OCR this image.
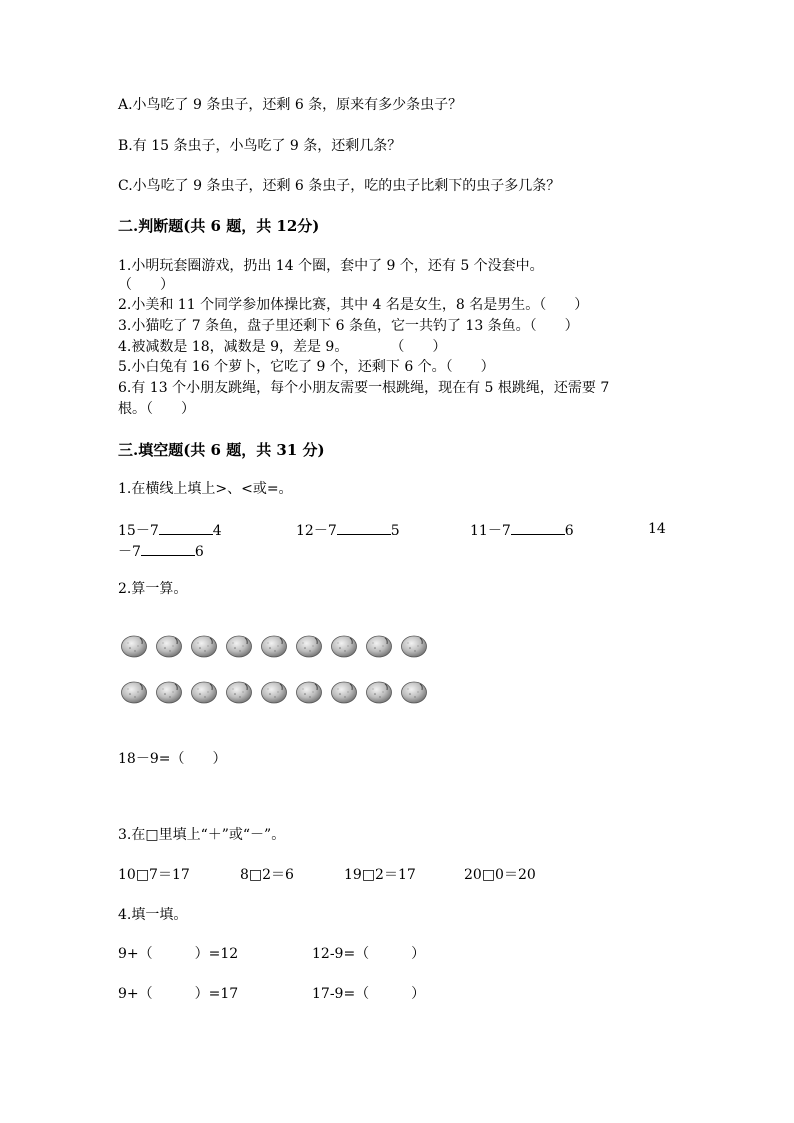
A.小鸟吃了 9 条虫子，还剩 6 条，原来有多少条虫子？
B.有 15 条虫子，小鸟吃了 9 条，还剩几条？
C.小鸟吃了 9 条虫子，还剩 6 条虫子，吃的虫子比剩下的虫子多几条？
二.判断题(共 6 题，共 12分)
1.小明玩套圈游戏，扔出 14 个圈，套中了 9 个，还有 5 个没套中。
（　　）
2.小美和 11 个同学参加体操比赛，其中 4 名是女生，8 名是男生。（　　）
3.小猫吃了 7 条鱼，盘子里还剩下 6 条鱼，它一共钓了 13 条鱼。（　　）
4.被减数是 18，减数是 9，差是 9。　　　　（　　）
5.小白兔有 16 个萝卜，它吃了 9 个，还剩下 6 个。（　　）
6.有 13 个小朋友跳绳，每个小朋友需要一根跳绳，现在有 5 根跳绳，还需要 7
根。（　　）
三.填空题(共 6 题，共 31 分)
1.在横线上填上>、<或=。
15－7	4	12－7	5	11－7	6	14
－7	6
2.算一算。
18－9=（　　）
3.在□里填上“＋”或“－”。
10□7＝17	8□2＝6	19□2＝17	20□0＝20
4.填一填。
9+（　　　）=12	12-9=（　　　）
9+（　　　）=17	17-9=（　　　）
